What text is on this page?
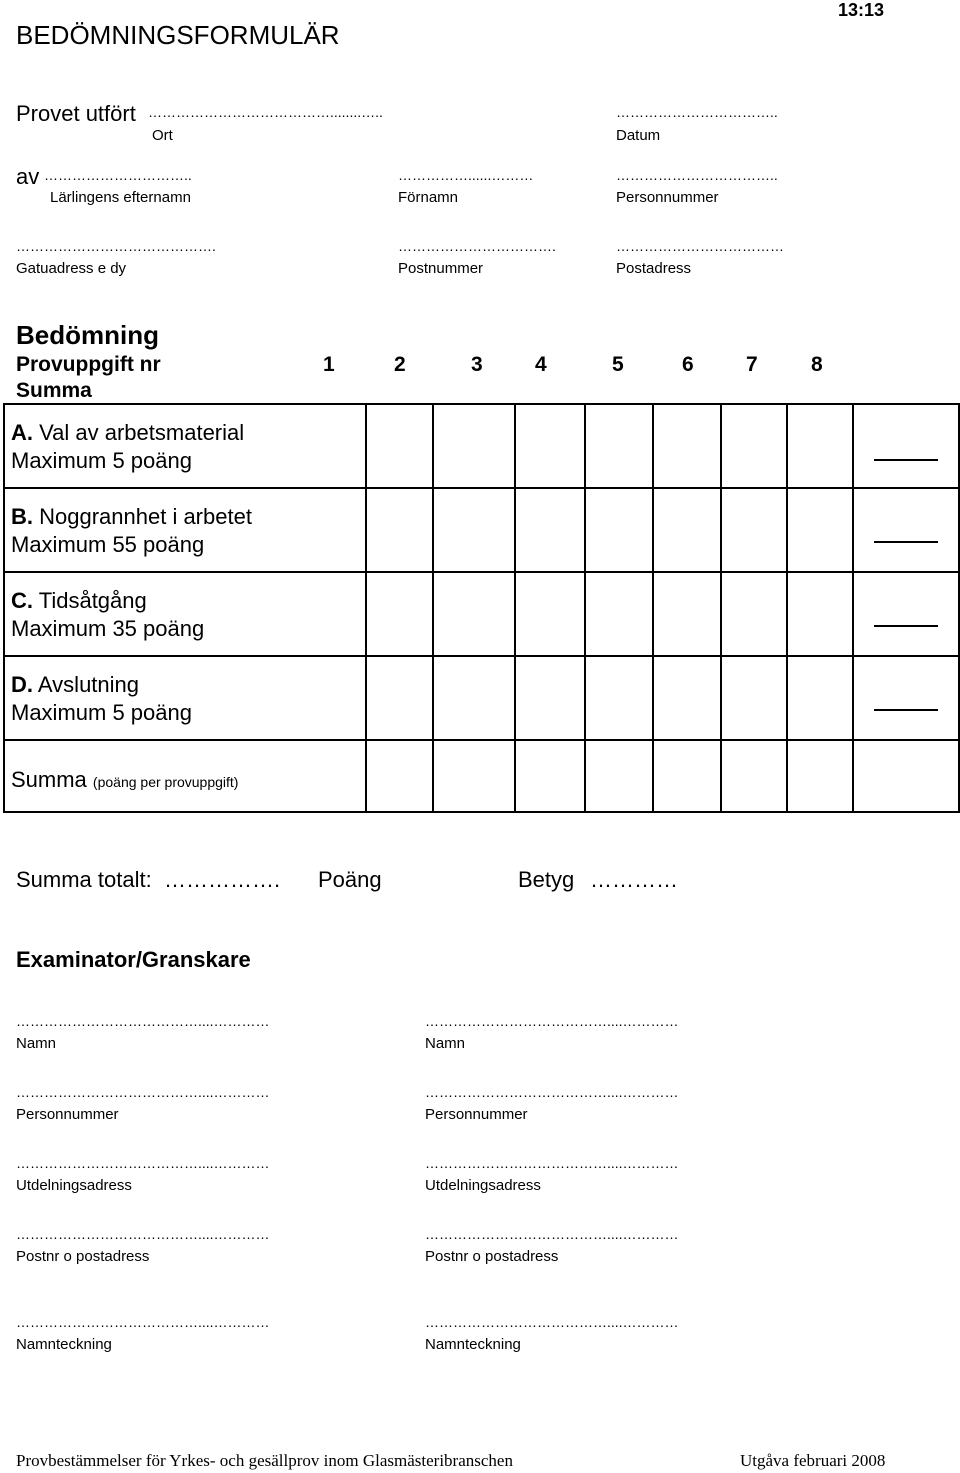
BEDÖMNINGSFORMULÄR
13:13
Provet utfört …………………………………........…..
Ort
……………………………..
Datum
av …………………………..
Lärlingens efternamn
……………......………
Förnamn
……………………………..
Personnummer
…………………………………….
Gatuadress e dy
…………………………….
Postnummer
………………………………
Postadress
Bedömning
Provuppgift nr
Summa
1	2	3 4	5	6 7	8
A. Val av arbetsmaterial
Maximum 5 poäng								

B. Noggrannhet i arbetet
Maximum 55 poäng								

C. Tidsåtgång
Maximum 35 poäng								

D. Avslutning
Maximum 5 poäng								

Summa (poäng per provuppgift)								
Summa totalt: ……………. Poäng	Betyg …………
Examinator/Granskare
…………………………………....…………
Namn
…………………………………....…………
Namn
…………………………………....…………
Personnummer
…………………………………....…………
Personnummer
…………………………………....…………
Utdelningsadress
…………………………………....…………
Utdelningsadress
…………………………………....…………
Postnr o postadress
…………………………………....…………
Postnr o postadress
…………………………………....…………
Namnteckning
…………………………………....…………
Namnteckning
Provbestämmelser för Yrkes- och gesällprov inom Glasmästeribranschen	Utgåva februari 2008
